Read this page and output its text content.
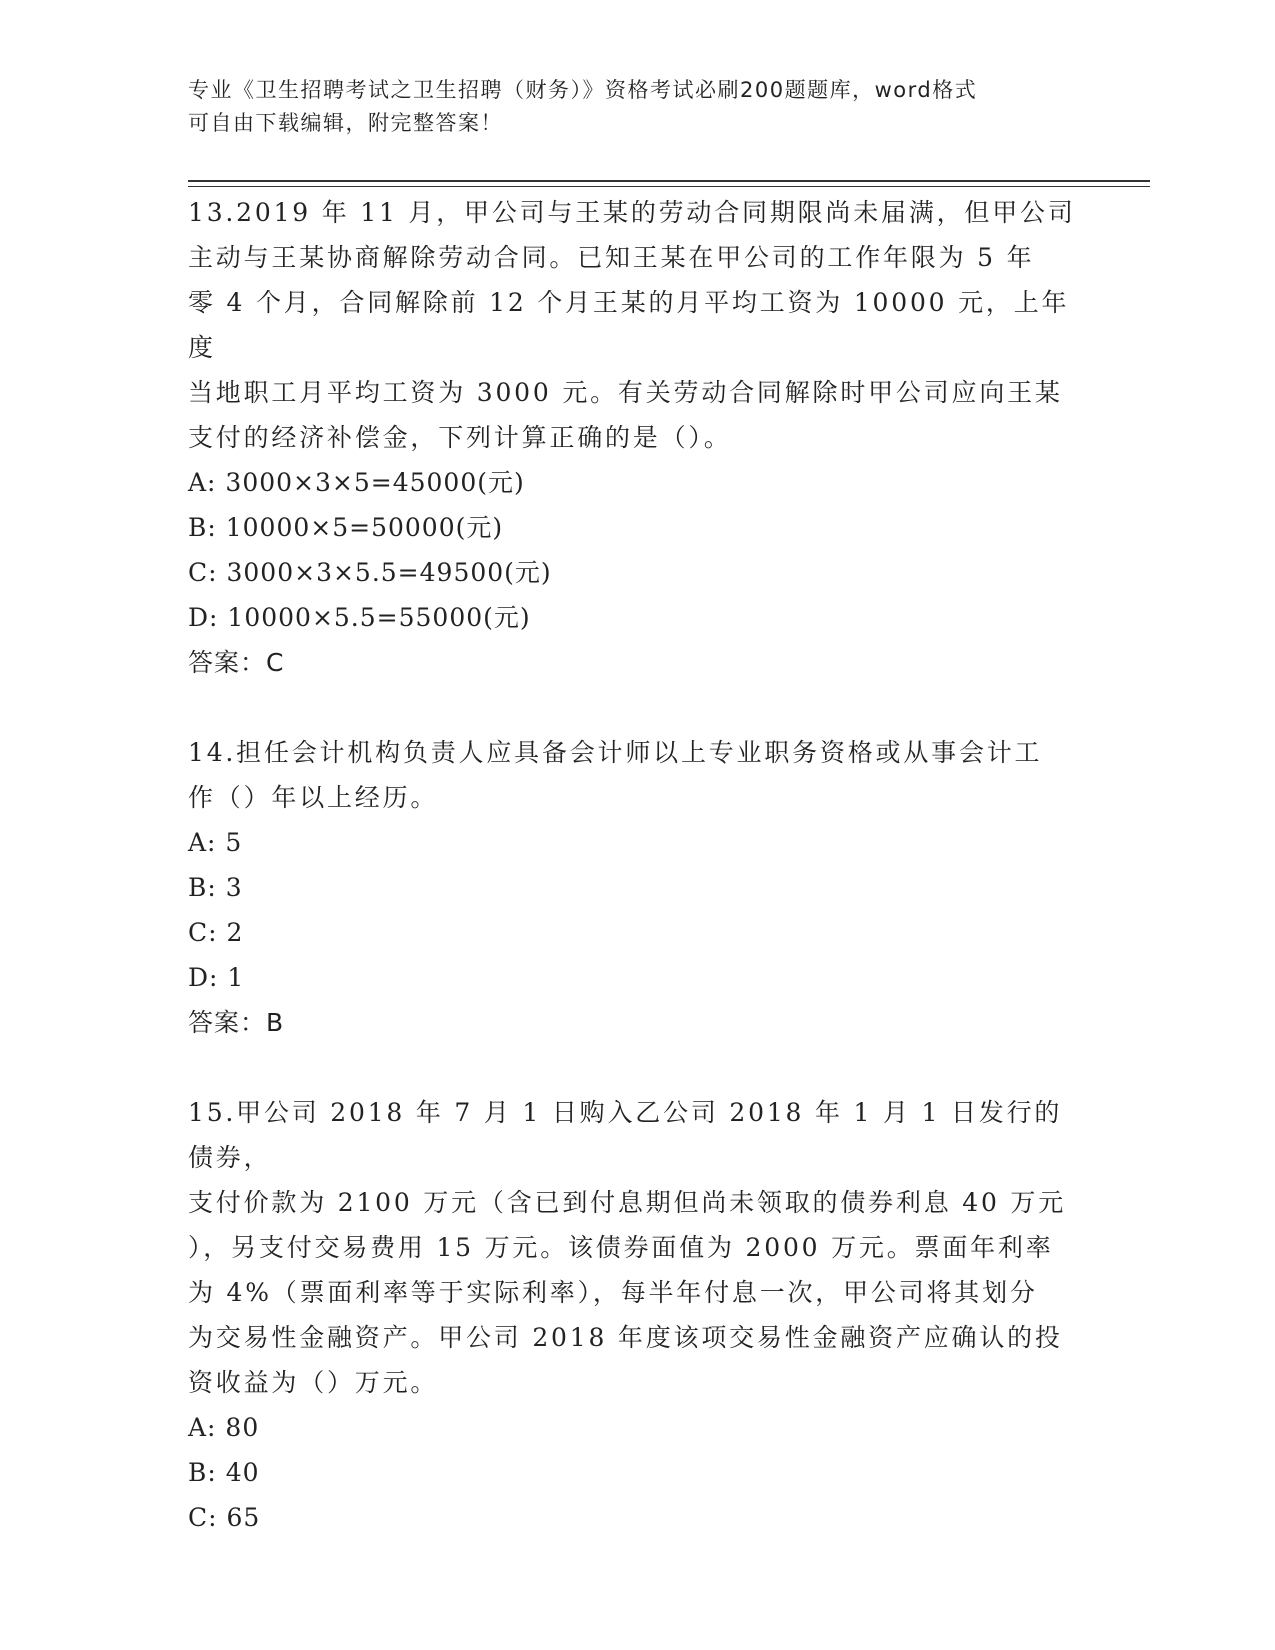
专业《卫生招聘考试之卫生招聘（财务）》资格考试必刷200题题库，word格式
可自由下载编辑，附完整答案！

13.2019 年 11 月，甲公司与王某的劳动合同期限尚未届满，但甲公司

主动与王某协商解除劳动合同。已知王某在甲公司的工作年限为 5 年

零 4 个月，合同解除前 12 个月王某的月平均工资为 10000 元，上年度

当地职工月平均工资为 3000 元。有关劳动合同解除时甲公司应向王某

支付的经济补偿金，下列计算正确的是（）。

A: 3000×3×5=45000(元)

B: 10000×5=50000(元)

C: 3000×3×5.5=49500(元)

D: 10000×5.5=55000(元)

答案：C

14.担任会计机构负责人应具备会计师以上专业职务资格或从事会计工

作（）年以上经历。

A: 5

B: 3

C: 2

D: 1

答案：B

15.甲公司 2018 年 7 月 1 日购入乙公司 2018 年 1 月 1 日发行的债券，

支付价款为 2100 万元（含已到付息期但尚未领取的债券利息 40 万元

），另支付交易费用 15 万元。该债券面值为 2000 万元。票面年利率

为 4%（票面利率等于实际利率），每半年付息一次，甲公司将其划分

为交易性金融资产。甲公司 2018 年度该项交易性金融资产应确认的投

资收益为（）万元。

A: 80

B: 40

C: 65
